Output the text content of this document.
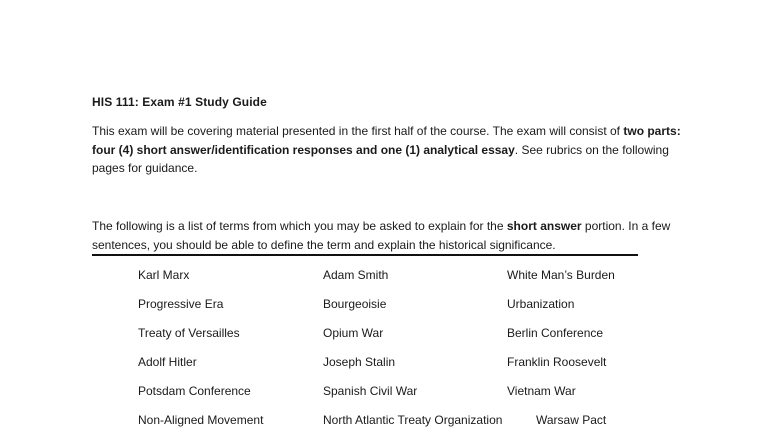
HIS 111: Exam #1 Study Guide
This exam will be covering material presented in the first half of the course. The exam will consist of two parts: four (4) short answer/identification responses and one (1) analytical essay. See rubrics on the following pages for guidance.
The following is a list of terms from which you may be asked to explain for the short answer portion. In a few sentences, you should be able to define the term and explain the historical significance.
Karl Marx	Adam Smith	White Man’s Burden
Progressive Era	Bourgeoisie	Urbanization
Treaty of Versailles	Opium War	Berlin Conference
Adolf Hitler	Joseph Stalin	Franklin Roosevelt
Potsdam Conference	Spanish Civil War	Vietnam War
Non-Aligned Movement	North Atlantic Treaty Organization	Warsaw Pact
